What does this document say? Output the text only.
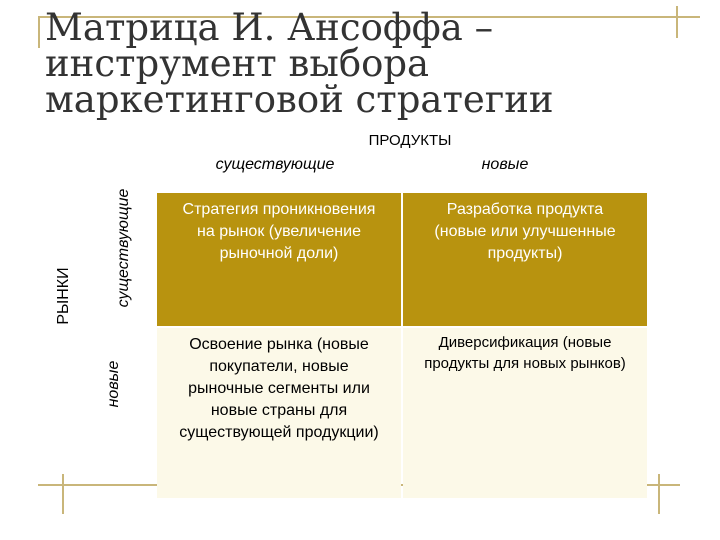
Матрица И. Ансоффа –
инструмент выбора
маркетинговой стратегии
ПРОДУКТЫ
существующие	новые
РЫНКИ	существующие
новые
Стратегия проникновения на рынок (увеличение рыночной доли)
Разработка продукта (новые или улучшенные продукты)
Освоение рынка (новые покупатели, новые рыночные сегменты или новые страны для существующей продукции)
Диверсификация (новые продукты для новых рынков)
